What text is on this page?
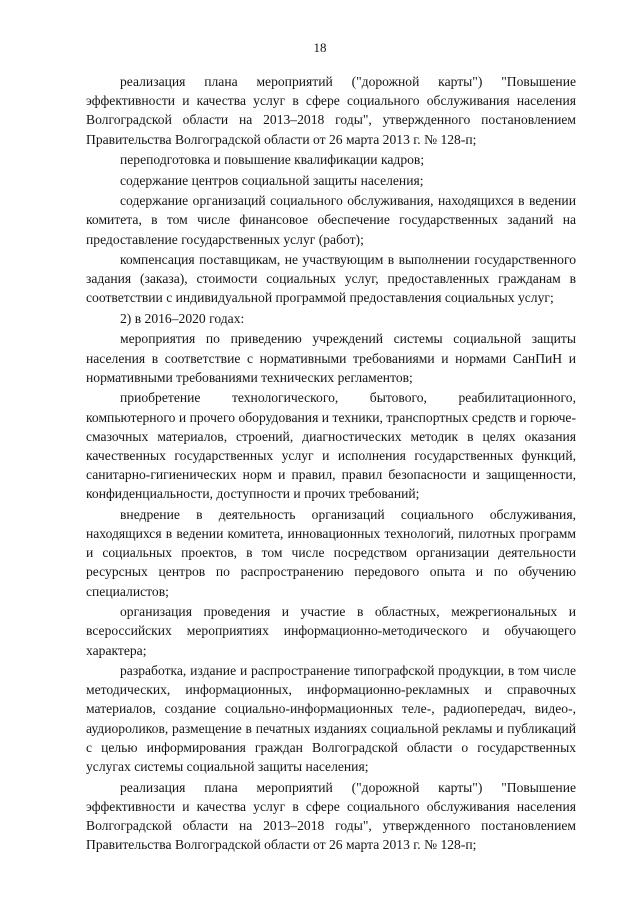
18

реализация плана мероприятий ("дорожной карты") "Повышение эффективности и качества услуг в сфере социального обслуживания населения Волгоградской области на 2013–2018 годы", утвержденного постановлением Правительства Волгоградской области от 26 марта 2013 г. № 128-п;

переподготовка и повышение квалификации кадров;

содержание центров социальной защиты населения;

содержание организаций социального обслуживания, находящихся в ведении комитета, в том числе финансовое обеспечение государственных заданий на предоставление государственных услуг (работ);

компенсация поставщикам, не участвующим в выполнении государственного задания (заказа), стоимости социальных услуг, предоставленных гражданам в соответствии с индивидуальной программой предоставления социальных услуг;

2) в 2016–2020 годах:

мероприятия по приведению учреждений системы социальной защиты населения в соответствие с нормативными требованиями и нормами СанПиН и нормативными требованиями технических регламентов;

приобретение технологического, бытового, реабилитационного, компьютерного и прочего оборудования и техники, транспортных средств и горюче-смазочных материалов, строений, диагностических методик в целях оказания качественных государственных услуг и исполнения государственных функций, санитарно-гигиенических норм и правил, правил безопасности и защищенности, конфиденциальности, доступности и прочих требований;

внедрение в деятельность организаций социального обслуживания, находящихся в ведении комитета, инновационных технологий, пилотных программ и социальных проектов, в том числе посредством организации деятельности ресурсных центров по распространению передового опыта и по обучению специалистов;

организация проведения и участие в областных, межрегиональных и всероссийских мероприятиях информационно-методического и обучающего характера;

разработка, издание и распространение типографской продукции, в том числе методических, информационных, информационно-рекламных и справочных материалов, создание социально-информационных теле-, радиопередач, видео-, аудиороликов, размещение в печатных изданиях социальной рекламы и публикаций с целью информирования граждан Волгоградской области о государственных услугах системы социальной защиты населения;

реализация плана мероприятий ("дорожной карты") "Повышение эффективности и качества услуг в сфере социального обслуживания населения Волгоградской области на 2013–2018 годы", утвержденного постановлением Правительства Волгоградской области от 26 марта 2013 г. № 128-п;
